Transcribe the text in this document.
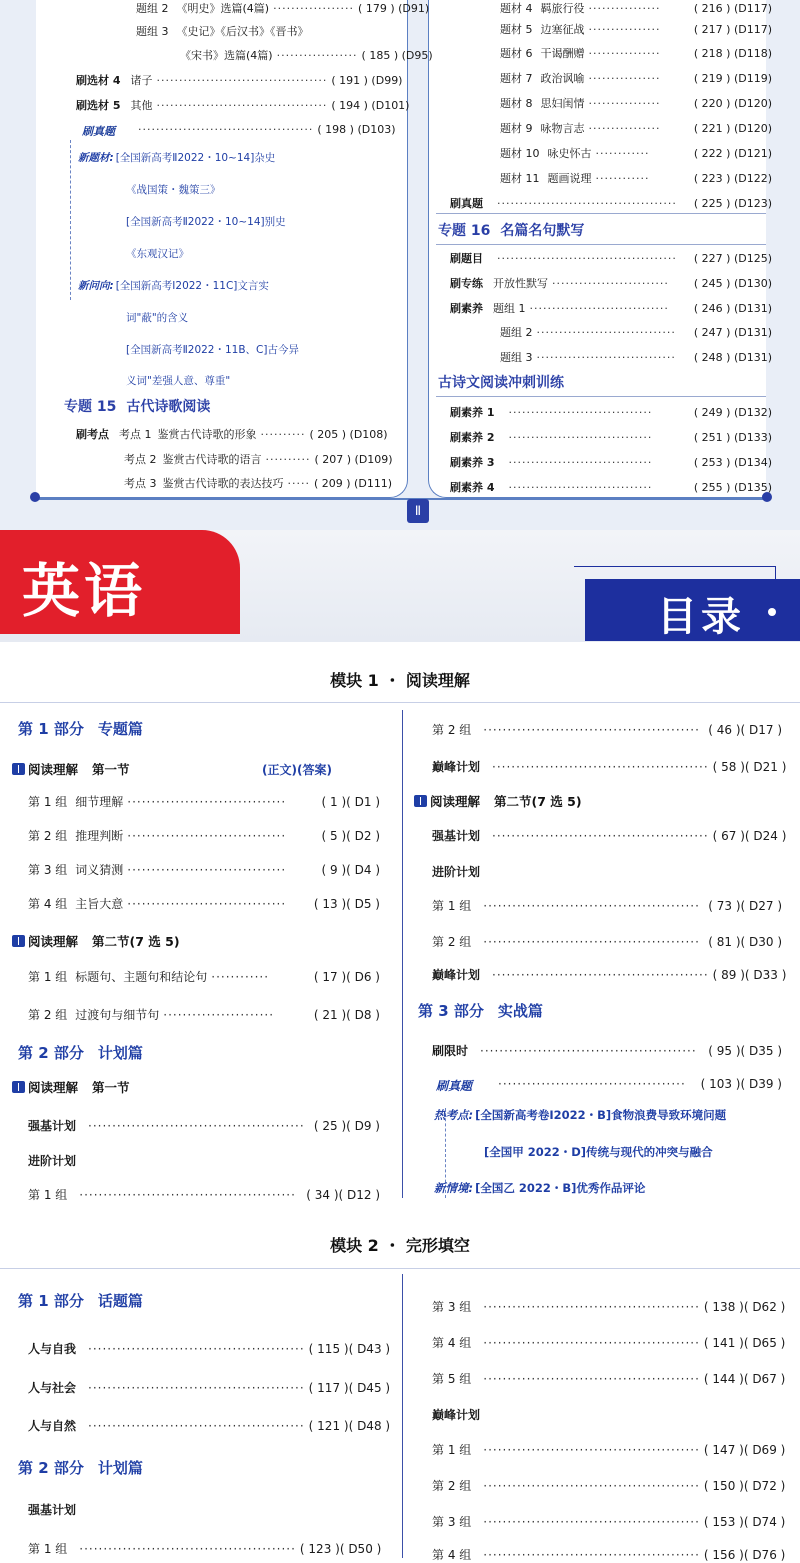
Ⅱ
题组 2 《明史》选篇(4篇) ·················· ( 179 ) (D91)
题组 3 《史记》《后汉书》《晋书》
《宋书》选篇(4篇) ·················· ( 185 ) (D95)
刷选材 4 诸子 ······································ ( 191 ) (D99)
刷选材 5 其他 ······································ ( 194 ) (D101)
刷真题 ······································· ( 198 ) (D103)
新题材: [全国新高考Ⅱ2022・10~14]杂史
《战国策・魏策三》
[全国新高考Ⅱ2022・10~14]别史
《东观汉记》
新问向: [全国新高考Ⅰ2022・11C]文言实
词"蔽"的含义
[全国新高考Ⅱ2022・11B、C]古今异
义词"差强人意、尊重"
专题 15 古代诗歌阅读
刷考点 考点 1 鉴赏古代诗歌的形象 ·········· ( 205 ) (D108)
考点 2 鉴赏古代诗歌的语言 ·········· ( 207 ) (D109)
考点 3 鉴赏古代诗歌的表达技巧 ····· ( 209 ) (D111)
题材 4 羁旅行役 ················	( 216 ) (D117)
题材 5 边塞征战 ················	( 217 ) (D117)
题材 6 干谒酬赠 ················	( 218 ) (D118)
题材 7 政治讽喻 ················	( 219 ) (D119)
题材 8 思妇闺情 ················	( 220 ) (D120)
题材 9 咏物言志 ················	( 221 ) (D120)
题材 10 咏史怀古 ············	( 222 ) (D121)
题材 11 题画说理 ············	( 223 ) (D122)
刷真题 ········································	( 225 ) (D123)
专题 16 名篇名句默写
刷题目 ········································	( 227 ) (D125)
刷专练 开放性默写 ··························	( 245 ) (D130)
刷素养 题组 1 ·······························	( 246 ) (D131)
题组 2 ·······························	( 247 ) (D131)
题组 3 ·······························	( 248 ) (D131)
古诗文阅读冲刺训练
刷素养 1 ································	( 249 ) (D132)
刷素养 2 ································	( 251 ) (D133)
刷素养 3 ································	( 253 ) (D134)
刷素养 4 ································	( 255 ) (D135)
英语	目录
模块 1 ・ 阅读理解
第 1 部分 专题篇
阅读理解 第一节	(正文)(答案)
第 1 组 细节理解 ·································	( 1 )( D1 )
第 2 组 推理判断 ·································	( 5 )( D2 )
第 3 组 词义猜测 ·································	( 9 )( D4 )
第 4 组 主旨大意 ·································	( 13 )( D5 )
阅读理解 第二节(7 选 5)
第 1 组 标题句、主题句和结论句 ············	( 17 )( D6 )
第 2 组 过渡句与细节句 ·······················	( 21 )( D8 )
第 2 部分 计划篇
阅读理解 第一节
强基计划 ············································· ( 25 )( D9 )
进阶计划
第 1 组 ············································· ( 34 )( D12 )
第 2 组 ············································· ( 46 )( D17 )
巅峰计划 ············································· ( 58 )( D21 )
阅读理解 第二节(7 选 5)
强基计划 ············································· ( 67 )( D24 )
进阶计划
第 1 组 ············································· ( 73 )( D27 )
第 2 组 ············································· ( 81 )( D30 )
巅峰计划 ············································· ( 89 )( D33 )
第 3 部分 实战篇
刷限时 ············································· ( 95 )( D35 )
刷真题 ·······································	( 103 )( D39 )
热考点: [全国新高考卷Ⅰ2022・B]食物浪费导致环境问题
[全国甲 2022・D]传统与现代的冲突与融合
新情境: [全国乙 2022・B]优秀作品评论
模块 2 ・ 完形填空
第 1 部分 话题篇
人与自我 ············································· ( 115 )( D43 )
人与社会 ············································· ( 117 )( D45 )
人与自然 ············································· ( 121 )( D48 )
第 2 部分 计划篇
强基计划
第 1 组 ············································· ( 123 )( D50 )
第 3 组 ············································· ( 138 )( D62 )
第 4 组 ············································· ( 141 )( D65 )
第 5 组 ············································· ( 144 )( D67 )
巅峰计划
第 1 组 ············································· ( 147 )( D69 )
第 2 组 ············································· ( 150 )( D72 )
第 3 组 ············································· ( 153 )( D74 )
第 4 组 ············································· ( 156 )( D76 )
